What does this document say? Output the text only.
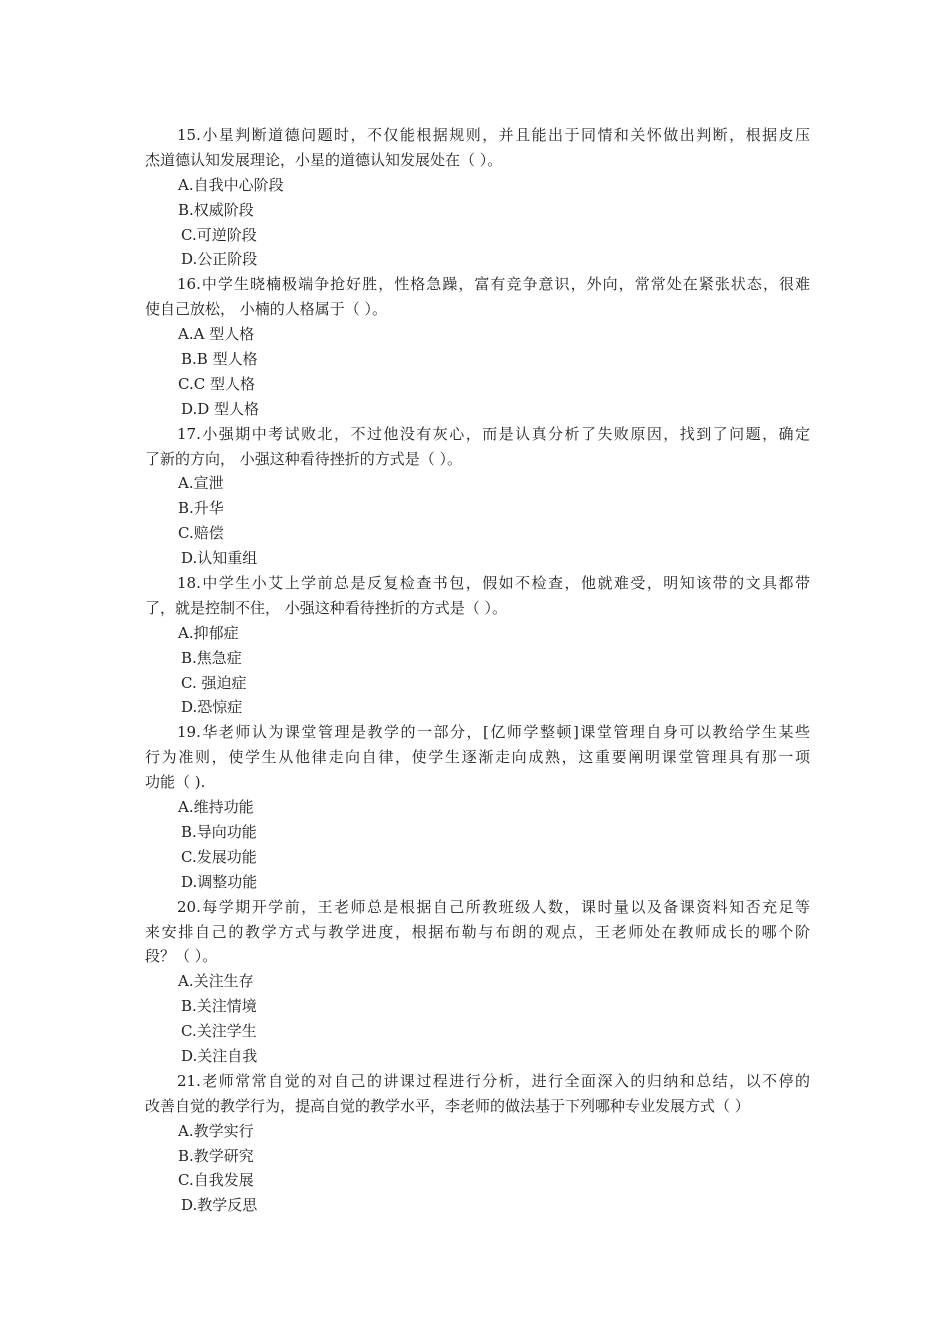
15.小星判断道德问题时，不仅能根据规则，并且能出于同情和关怀做出判断，根据皮压
杰道德认知发展理论，小星的道德认知发展处在（ ）。
A.自我中心阶段
B.权威阶段
C.可逆阶段
D.公正阶段
16.中学生晓楠极端争抢好胜，性格急躁，富有竞争意识，外向，常常处在紧张状态，很难
使自己放松， 小楠的人格属于（ ）。
A.A 型人格
B.B 型人格
C.C 型人格
D.D 型人格
17.小强期中考试败北，不过他没有灰心，而是认真分析了失败原因，找到了问题，确定
了新的方向， 小强这种看待挫折的方式是（ ）。
A.宣泄
B.升华
C.赔偿
D.认知重组
18.中学生小艾上学前总是反复检查书包，假如不检查，他就难受，明知该带的文具都带
了，就是控制不住， 小强这种看待挫折的方式是（ ）。
A.抑郁症
B.焦急症
C. 强迫症
D.恐惊症
19.华老师认为课堂管理是教学的一部分，[亿师学整顿]课堂管理自身可以教给学生某些
行为准则，使学生从他律走向自律，使学生逐渐走向成熟，这重要阐明课堂管理具有那一项
功能（ ).
A.维持功能
B.导向功能
C.发展功能
D.调整功能
20.每学期开学前，王老师总是根据自己所教班级人数，课时量以及备课资料知否充足等
来安排自己的教学方式与教学进度，根据布勒与布朗的观点，王老师处在教师成长的哪个阶
段？（ ）。
A.关注生存
B.关注情境
C.关注学生
D.关注自我
21.老师常常自觉的对自己的讲课过程进行分析，进行全面深入的归纳和总结，以不停的
改善自觉的教学行为，提高自觉的教学水平，李老师的做法基于下列哪种专业发展方式（ ）
A.教学实行
B.教学研究
C.自我发展
D.教学反思
